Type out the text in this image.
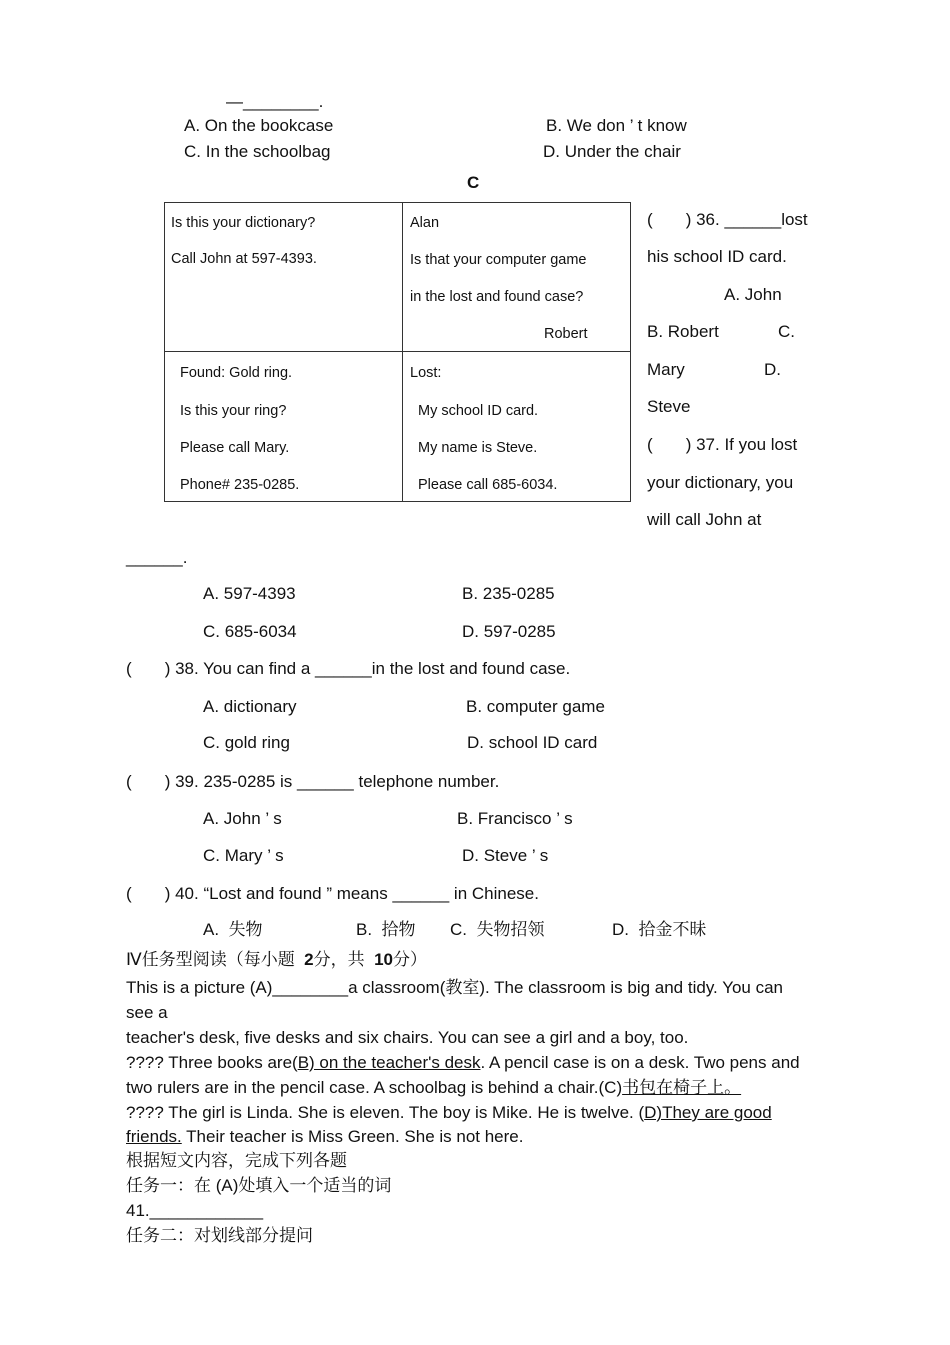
—________.
A. On the bookcase	B. We don ’ t know
C. In the schoolbag	D. Under the chair
C
Is this your dictionary?
Call John at 597-4393.
Alan
Is that your computer game
in the lost and found case?
Robert
Found: Gold ring.
Is this your ring?
Please call Mary.
Phone# 235-0285.
Lost:
My school ID card.
My name is Steve.
Please call 685-6034.
(       ) 36. ______lost
his school ID card.
A. John
B. Robert	C.
Mary	D.
Steve
(       ) 37. If you lost
your dictionary, you
will call John at
______.
A. 597-4393	B. 235-0285
C. 685-6034	D. 597-0285
(       ) 38. You can find a ______in the lost and found case.
A. dictionary	B. computer game
C. gold ring	D. school ID card
(       ) 39. 235-0285 is ______ telephone number.
A. John ’ s	B. Francisco ’ s
C. Mary ’ s	D. Steve ’ s
(       ) 40. “Lost and found ” means ______ in Chinese.
A.  失物	B.  拾物 C.  失物招领	D.  拾金不昧
Ⅳ任务型阅读（每小题 2分，共 10分）
This is a picture (A)________a classroom(教室). The classroom is big and tidy. You can
see a
teacher's desk, five desks and six chairs. You can see a girl and a boy, too.
???? Three books are(B) on the teacher's desk. A pencil case is on a desk. Two pens and
two rulers are in the pencil case. A schoolbag is behind a chair.(C)书包在椅子上。
???? The girl is Linda. She is eleven. The boy is Mike. He is twelve. (D)They are good
friends. Their teacher is Miss Green. She is not here.
根据短文内容，完成下列各题
任务一：在 (A)处填入一个适当的词
41.____________
任务二：对划线部分提问
